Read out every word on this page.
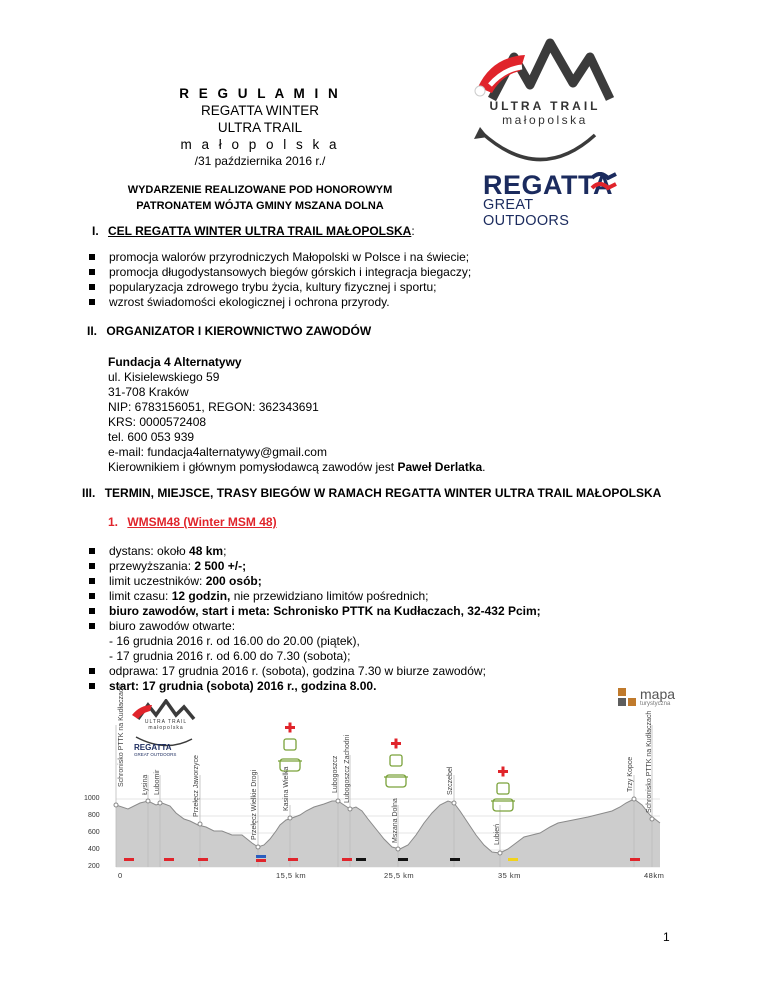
R E G U L A M I N
REGATTA WINTER
ULTRA TRAIL
m a ł o p o l s k a
/31 października 2016 r./
WYDARZENIE REALIZOWANE POD HONOROWYM
PATRONATEM WÓJTA GMINY MSZANA DOLNA
ULTRA TRAIL
małopolska
REGATTA
GREAT OUTDOORS
I. CEL REGATTA WINTER ULTRA TRAIL MAŁOPOLSKA:
promocja walorów przyrodniczych Małopolski w Polsce i na świecie;
promocja długodystansowych biegów górskich i integracja biegaczy;
popularyzacja zdrowego trybu życia, kultury fizycznej i sportu;
wzrost świadomości ekologicznej i ochrona przyrody.
II. ORGANIZATOR I KIEROWNICTWO ZAWODÓW
Fundacja 4 Alternatywy
ul. Kisielewskiego 59
31-708 Kraków
NIP: 6783156051, REGON: 362343691
KRS: 0000572408
tel. 600 053 939
e-mail: fundacja4alternatywy@gmail.com
Kierownikiem i głównym pomysłodawcą zawodów jest Paweł Derlatka.
III. TERMIN, MIEJSCE, TRASY BIEGÓW W RAMACH REGATTA WINTER ULTRA TRAIL MAŁOPOLSKA
1. WMSM48 (Winter MSM 48)
dystans: około 48 km;
przewyższania: 2 500 +/-;
limit uczestników: 200 osób;
limit czasu: 12 godzin, nie przewidziano limitów pośrednich;
biuro zawodów, start i meta: Schronisko PTTK na Kudłaczach, 32-432 Pcim;
biuro zawodów otwarte:
- 16 grudnia 2016 r. od 16.00 do 20.00 (piątek),
- 17 grudnia 2016 r. od 6.00 do 7.30 (sobota);
odprawa: 17 grudnia 2016 r. (sobota), godzina 7.30 w biurze zawodów;
start: 17 grudnia (sobota) 2016 r., godzina 8.00.	mapa
turystyczna
ULTRA TRAIL
małopolska
REGATTA
GREAT OUTDOORS
1000
800
600
400
200
0	15,5 km	25,5 km	35 km	48km
Schronisko PTTK na Kudłaczach Łysina Lubomir	Przełęcz Jaworzyce	Przełęcz Wielkie Drogi	Kasina Wielka	Lubogoszcz Lubogoszcz Zachodni
Mszana Dolna
Szczebel
Lubień
Trzy Kopce Schronisko PTTK na Kudłaczach
1
